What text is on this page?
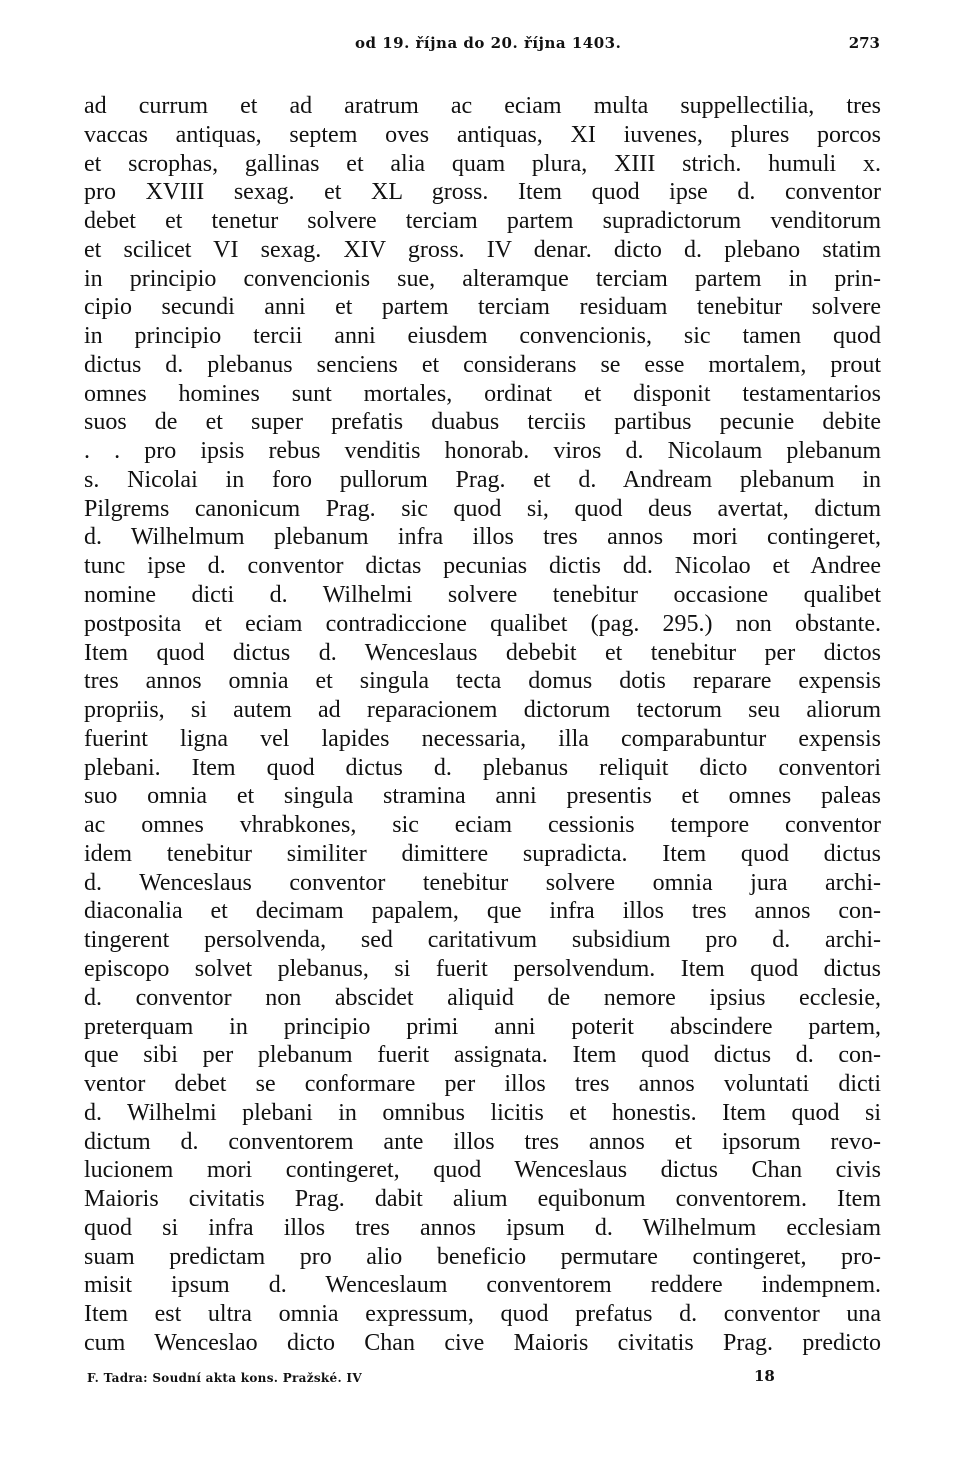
od 19. října do 20. října 1403.	273
ad currum et ad aratrum ac eciam multa suppellectilia, tres
vaccas antiquas, septem oves antiquas, XI iuvenes, plures porcos
et scrophas, gallinas et alia quam plura, XIII strich. humuli x.
pro XVIII sexag. et XL gross. Item quod ipse d. conventor
debet et tenetur solvere terciam partem supradictorum venditorum
et scilicet VI sexag. XIV gross. IV denar. dicto d. plebano statim
in principio convencionis sue, alteramque terciam partem in prin-
cipio secundi anni et partem terciam residuam tenebitur solvere
in principio tercii anni eiusdem convencionis, sic tamen quod
dictus d. plebanus senciens et considerans se esse mortalem, prout
omnes homines sunt mortales, ordinat et disponit testamentarios
suos de et super prefatis duabus terciis partibus pecunie debite
. . pro ipsis rebus venditis honorab. viros d. Nicolaum plebanum
s. Nicolai in foro pullorum Prag. et d. Andream plebanum in
Pilgrems canonicum Prag. sic quod si, quod deus avertat, dictum
d. Wilhelmum plebanum infra illos tres annos mori contingeret,
tunc ipse d. conventor dictas pecunias dictis dd. Nicolao et Andree
nomine dicti d. Wilhelmi solvere tenebitur occasione qualibet
postposita et eciam contradiccione qualibet (pag. 295.) non obstante.
Item quod dictus d. Wenceslaus debebit et tenebitur per dictos
tres annos omnia et singula tecta domus dotis reparare expensis
propriis, si autem ad reparacionem dictorum tectorum seu aliorum
fuerint ligna vel lapides necessaria, illa comparabuntur expensis
plebani. Item quod dictus d. plebanus reliquit dicto conventori
suo omnia et singula stramina anni presentis et omnes paleas
ac omnes vhrabkones, sic eciam cessionis tempore conventor
idem tenebitur similiter dimittere supradicta. Item quod dictus
d. Wenceslaus conventor tenebitur solvere omnia jura archi-
diaconalia et decimam papalem, que infra illos tres annos con-
tingerent persolvenda, sed caritativum subsidium pro d. archi-
episcopo solvet plebanus, si fuerit persolvendum. Item quod dictus
d. conventor non abscidet aliquid de nemore ipsius ecclesie,
preterquam in principio primi anni poterit abscindere partem,
que sibi per plebanum fuerit assignata. Item quod dictus d. con-
ventor debet se conformare per illos tres annos voluntati dicti
d. Wilhelmi plebani in omnibus licitis et honestis. Item quod si
dictum d. conventorem ante illos tres annos et ipsorum revo-
lucionem mori contingeret, quod Wenceslaus dictus Chan civis
Maioris civitatis Prag. dabit alium equibonum conventorem. Item
quod si infra illos tres annos ipsum d. Wilhelmum ecclesiam
suam predictam pro alio beneficio permutare contingeret, pro-
misit ipsum d. Wenceslaum conventorem reddere indempnem.
Item est ultra omnia expressum, quod prefatus d. conventor una
cum Wenceslao dicto Chan cive Maioris civitatis Prag. predicto
F. Tadra: Soudní akta kons. Pražské. IV	18
